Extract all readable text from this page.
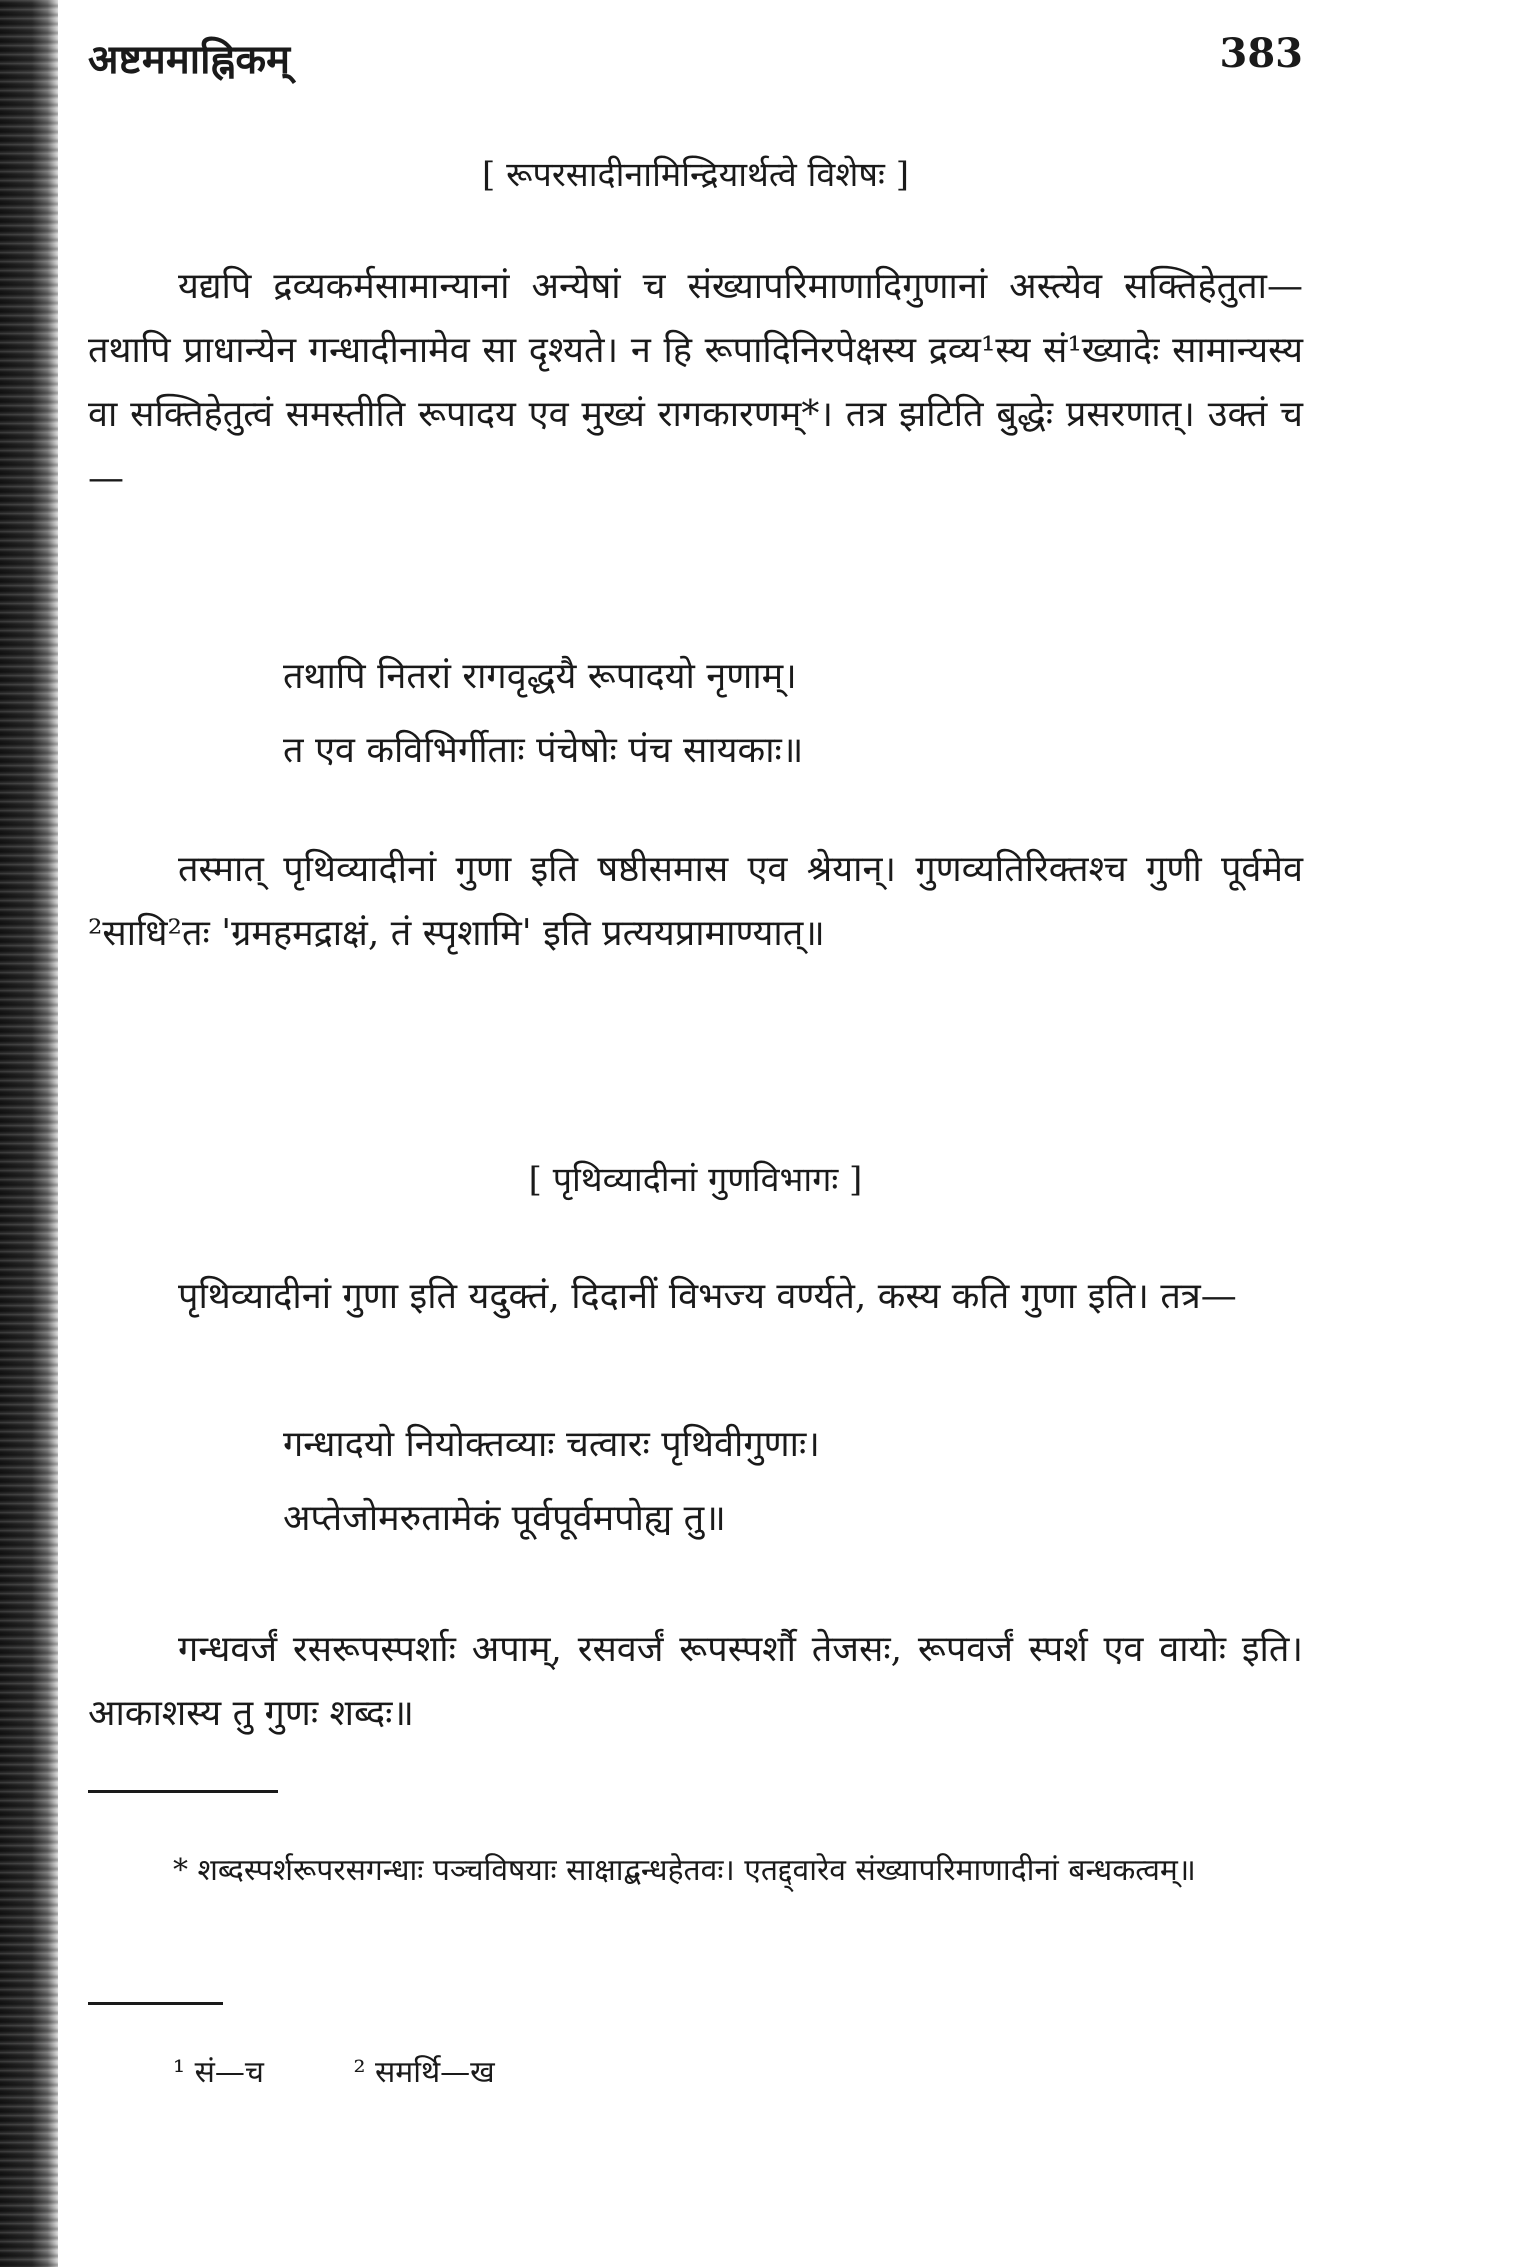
अष्टममाह्निकम्	383
[ रूपरसादीनामिन्द्रियार्थत्वे विशेषः ]
यद्यपि द्रव्यकर्मसामान्यानां अन्येषां च संख्यापरिमाणादिगुणानां अस्त्येव सक्तिहेतुता—तथापि प्राधान्येन गन्धादीनामेव सा दृश्यते। न हि रूपादिनिरपेक्षस्य द्रव्य¹स्य सं¹ख्यादेः सामान्यस्य वा सक्तिहेतुत्वं समस्तीति रूपादय एव मुख्यं रागकारणम्*। तत्र झटिति बुद्धेः प्रसरणात्। उक्तं च—
तथापि नितरां रागवृद्धयै रूपादयो नृणाम्।
त एव कविभिर्गीताः पंचेषोः पंच सायकाः॥
तस्मात् पृथिव्यादीनां गुणा इति षष्ठीसमास एव श्रेयान्। गुणव्यतिरिक्तश्च गुणी पूर्वमेव ²साधि²तः 'ग्रमहमद्राक्षं, तं स्पृशामि' इति प्रत्ययप्रामाण्यात्॥
[ पृथिव्यादीनां गुणविभागः ]
पृथिव्यादीनां गुणा इति यदुक्तं, दिदानीं विभज्य वर्ण्यते, कस्य कति गुणा इति। तत्र—
गन्धादयो नियोक्तव्याः चत्वारः पृथिवीगुणाः।
अप्तेजोमरुतामेकं पूर्वपूर्वमपोह्य तु॥
गन्धवर्जं रसरूपस्पर्शाः अपाम्, रसवर्जं रूपस्पर्शौ तेजसः, रूपवर्जं स्पर्श एव वायोः इति। आकाशस्य तु गुणः शब्दः॥
* शब्दस्पर्शरूपरसगन्धाः पञ्चविषयाः साक्षाद्बन्धहेतवः। एतद्द्वारेव संख्यापरिमाणादीनां बन्धकत्वम्॥
¹ सं—च	² समर्थि—ख
